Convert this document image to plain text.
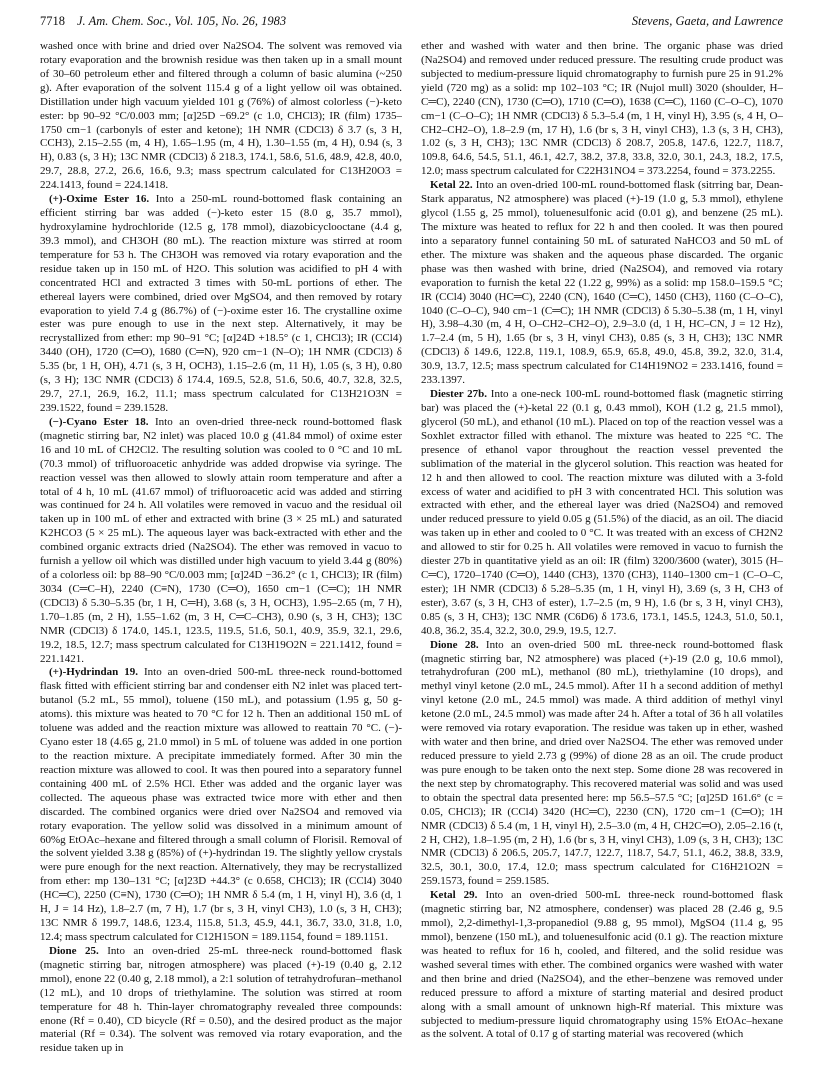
7718 J. Am. Chem. Soc., Vol. 105, No. 26, 1983	Stevens, Gaeta, and Lawrence

washed once with brine and dried over Na2SO4. The solvent was removed via rotary evaporation and the brownish residue was then taken up in a small mount of 30–60 petroleum ether and filtered through a column of basic alumina (~250 g). After evaporation of the solvent 115.4 g of a light yellow oil was obtained. Distillation under high vacuum yielded 101 g (76%) of almost colorless (−)-keto ester: bp 90–92 °C/0.003 mm; [α]25D −69.2° (c 1.0, CHCl3); IR (film) 1735–1750 cm−1 (carbonyls of ester and ketone); 1H NMR (CDCl3) δ 3.7 (s, 3 H, CCH3), 2.15–2.55 (m, 4 H), 1.65–1.95 (m, 4 H), 1.30–1.55 (m, 4 H), 0.94 (s, 3 H), 0.83 (s, 3 H); 13C NMR (CDCl3) δ 218.3, 174.1, 58.6, 51.6, 48.9, 42.8, 40.0, 29.7, 28.8, 27.2, 26.6, 16.6, 9.3; mass spectrum calculated for C13H20O3 = 224.1413, found = 224.1418.

(+)-Oxime Ester 16. Into a 250-mL round-bottomed flask containing an efficient stirring bar was added (−)-keto ester 15 (8.0 g, 35.7 mmol), hydroxylamine hydrochloride (12.5 g, 178 mmol), diazobicyclooctane (4.4 g, 39.3 mmol), and CH3OH (80 mL). The reaction mixture was stirred at room temperature for 53 h. The CH3OH was removed via rotary evaporation and the residue taken up in 150 mL of H2O. This solution was acidified to pH 4 with concentrated HCl and extracted 3 times with 50-mL portions of ether. The ethereal layers were combined, dried over MgSO4, and then removed by rotary evaporation to yield 7.4 g (86.7%) of (−)-oxime ester 16. The crystalline oxime ester was pure enough to use in the next step. Alternatively, it may be recrystallized from ether: mp 90–91 °C; [α]24D +18.5° (c 1, CHCl3); IR (CCl4) 3440 (OH), 1720 (C═O), 1680 (C═N), 920 cm−1 (N–O); 1H NMR (CDCl3) δ 5.35 (br, 1 H, OH), 4.71 (s, 3 H, OCH3), 1.15–2.6 (m, 11 H), 1.05 (s, 3 H), 0.80 (s, 3 H); 13C NMR (CDCl3) δ 174.4, 169.5, 52.8, 51.6, 50.6, 40.7, 32.8, 32.5, 29.7, 27.1, 26.9, 16.2, 11.1; mass spectrum calculated for C13H21O3N = 239.1522, found = 239.1528.

(−)-Cyano Ester 18. Into an oven-dried three-neck round-bottomed flask (magnetic stirring bar, N2 inlet) was placed 10.0 g (41.84 mmol) of oxime ester 16 and 10 mL of CH2Cl2. The resulting solution was cooled to 0 °C and 10 mL (70.3 mmol) of trifluoroacetic anhydride was added dropwise via syringe. The reaction vessel was then allowed to slowly attain room temperature and after a total of 4 h, 10 mL (41.67 mmol) of trifluoroacetic acid was added and stirring was continued for 24 h. All volatiles were removed in vacuo and the residual oil taken up in 100 mL of ether and extracted with brine (3 × 25 mL) and saturated K2HCO3 (5 × 25 mL). The aqueous layer was back-extracted with ether and the combined organic extracts dried (Na2SO4). The ether was removed in vacuo to furnish a yellow oil which was distilled under high vacuum to yield 3.44 g (80%) of a colorless oil: bp 88–90 °C/0.003 mm; [α]24D −36.2° (c 1, CHCl3); IR (film) 3034 (C═C–H), 2240 (C≡N), 1730 (C═O), 1650 cm−1 (C═C); 1H NMR (CDCl3) δ 5.30–5.35 (br, 1 H, C═H), 3.68 (s, 3 H, OCH3), 1.95–2.65 (m, 7 H), 1.70–1.85 (m, 2 H), 1.55–1.62 (m, 3 H, C═C–CH3), 0.90 (s, 3 H, CH3); 13C NMR (CDCl3) δ 174.0, 145.1, 123.5, 119.5, 51.6, 50.1, 40.9, 35.9, 32.1, 29.6, 19.2, 18.5, 12.7; mass spectrum calculated for C13H19O2N = 221.1412, found = 221.1421.

(+)-Hydrindan 19. Into an oven-dried 500-mL three-neck round-bottomed flask fitted with efficient stirring bar and condenser eith N2 inlet was placed tert-butanol (5.2 mL, 55 mmol), toluene (150 mL), and potassium (1.95 g, 50 g-atoms). this mixture was heated to 70 °C for 12 h. Then an additional 150 mL of toluene was added and the reaction mixture was allowed to reattain 70 °C. (−)-Cyano ester 18 (4.65 g, 21.0 mmol) in 5 mL of toluene was added in one portion to the reaction mixture. A precipitate immediately formed. After 30 min the reaction mixture was allowed to cool. It was then poured into a separatory funnel containing 400 mL of 2.5% HCl. Ether was added and the organic layer was collected. The aqueous phase was extracted twice more with ether and then discarded. The combined organics were dried over Na2SO4 and removed via rotary evaporation. The yellow solid was dissolved in a minimum amount of 60%g EtOAc–hexane and filtered through a small column of Florisil. Removal of the solvent yielded 3.38 g (85%) of (+)-hydrindan 19. The slightly yellow crystals were pure enough for the next reaction. Alternatively, they may be recrystallized from ether: mp 130–131 °C; [α]23D +44.3° (c 0.658, CHCl3); IR (CCl4) 3040 (HC═C), 2250 (C≡N), 1730 (C═O); 1H NMR δ 5.4 (m, 1 H, vinyl H), 3.6 (d, 1 H, J = 14 Hz), 1.8–2.7 (m, 7 H), 1.7 (br s, 3 H, vinyl CH3), 1.0 (s, 3 H, CH3); 13C NMR δ 199.7, 148.6, 123.4, 115.8, 51.3, 45.9, 44.1, 36.7, 33.0, 31.8, 1.0, 12.4; mass spectrum calculated for C12H15ON = 189.1154, found = 189.1151.

Dione 25. Into an oven-dried 25-mL three-neck round-bottomed flask (magnetic stirring bar, nitrogen atmosphere) was placed (+)-19 (0.40 g, 2.12 mmol), enone 22 (0.40 g, 2.18 mmol), a 2:1 solution of tetrahydrofuran–methanol (12 mL), and 10 drops of triethylamine. The solution was stirred at room temperature for 48 h. Thin-layer chromatography revealed three compounds: enone (Rf = 0.40), CD bicycle (Rf = 0.50), and the desired product as the major material (Rf = 0.34). The solvent was removed via rotary evaporation, and the residue taken up in

ether and washed with water and then brine. The organic phase was dried (Na2SO4) and removed under reduced pressure. The resulting crude product was subjected to medium-pressure liquid chromatography to furnish pure 25 in 91.2% yield (720 mg) as a solid: mp 102–103 °C; IR (Nujol mull) 3020 (shoulder, H–C═C), 2240 (CN), 1730 (C═O), 1710 (C═O), 1638 (C═C), 1160 (C–O–C), 1070 cm−1 (C–O–C); 1H NMR (CDCl3) δ 5.3–5.4 (m, 1 H, vinyl H), 3.95 (s, 4 H, O–CH2–CH2–O), 1.8–2.9 (m, 17 H), 1.6 (br s, 3 H, vinyl CH3), 1.3 (s, 3 H, CH3), 1.02 (s, 3 H, CH3); 13C NMR (CDCl3) δ 208.7, 205.8, 147.6, 122.7, 118.7, 109.8, 64.6, 54.5, 51.1, 46.1, 42.7, 38.2, 37.8, 33.8, 32.0, 30.1, 24.3, 18.2, 17.5, 12.0; mass spectrum calculated for C22H31NO4 = 373.2254, found = 373.2255.

Ketal 22. Into an oven-dried 100-mL round-bottomed flask (sitrring bar, Dean-Stark apparatus, N2 atmosphere) was placed (+)-19 (1.0 g, 5.3 mmol), ethylene glycol (1.55 g, 25 mmol), toluenesulfonic acid (0.01 g), and benzene (25 mL). The mixture was heated to reflux for 22 h and then cooled. It was then poured into a separatory funnel containing 50 mL of saturated NaHCO3 and 50 mL of ether. The mixture was shaken and the aqueous phase discarded. The organic phase was then washed with brine, dried (Na2SO4), and removed via rotary evaporation to furnish the ketal 22 (1.22 g, 99%) as a solid: mp 158.0–159.5 °C; IR (CCl4) 3040 (HC═C), 2240 (CN), 1640 (C═C), 1450 (CH3), 1160 (C–O–C), 1040 (C–O–C), 940 cm−1 (C═C); 1H NMR (CDCl3) δ 5.30–5.38 (m, 1 H, vinyl H), 3.98–4.30 (m, 4 H, O–CH2–CH2–O), 2.9–3.0 (d, 1 H, HC–CN, J = 12 Hz), 1.7–2.4 (m, 5 H), 1.65 (br s, 3 H, vinyl CH3), 0.85 (s, 3 H, CH3); 13C NMR (CDCl3) δ 149.6, 122.8, 119.1, 108.9, 65.9, 65.8, 49.0, 45.8, 39.2, 32.0, 31.4, 30.9, 13.7, 12.5; mass spectrum calculated for C14H19NO2 = 233.1416, found = 233.1397.

Diester 27b. Into a one-neck 100-mL round-bottomed flask (magnetic stirring bar) was placed the (+)-ketal 22 (0.1 g, 0.43 mmol), KOH (1.2 g, 21.5 mmol), glycerol (50 mL), and ethanol (10 mL). Placed on top of the reaction vessel was a Soxhlet extractor filled with ethanol. The mixture was heated to 225 °C. The presence of ethanol vapor throughout the reaction vessel prevented the sublimation of the material in the glycerol solution. This reaction was heated for 12 h and then allowed to cool. The reaction mixture was diluted with a 3-fold excess of water and acidified to pH 3 with concentrated HCl. This solution was extracted with ether, and the ethereal layer was dried (Na2SO4) and removed under reduced pressure to yield 0.05 g (51.5%) of the diacid, as an oil. The diacid was taken up in ether and cooled to 0 °C. It was treated with an excess of CH2N2 and allowed to stir for 0.25 h. All volatiles were removed in vacuo to furnish the diester 27b in quantitative yield as an oil: IR (film) 3200/3600 (water), 3015 (H–C═C), 1720–1740 (C═O), 1440 (CH3), 1370 (CH3), 1140–1300 cm−1 (C–O–C, ester); 1H NMR (CDCl3) δ 5.28–5.35 (m, 1 H, vinyl H), 3.69 (s, 3 H, CH3 of ester), 3.67 (s, 3 H, CH3 of ester), 1.7–2.5 (m, 9 H), 1.6 (br s, 3 H, vinyl CH3), 0.85 (s, 3 H, CH3); 13C NMR (C6D6) δ 173.6, 173.1, 145.5, 124.3, 51.0, 50.1, 40.8, 36.2, 35.4, 32.2, 30.0, 29.9, 19.5, 12.7.

Dione 28. Into an oven-dried 500 mL three-neck round-bottomed flask (magnetic stirring bar, N2 atmosphere) was placed (+)-19 (2.0 g, 10.6 mmol), tetrahydrofuran (200 mL), methanol (80 mL), triethylamine (10 drops), and methyl vinyl ketone (2.0 mL, 24.5 mmol). After 1I h a second addition of methyl vinyl ketone (2.0 mL, 24.5 mmol) was made. A third addition of methyl vinyl ketone (2.0 mL, 24.5 mmol) was made after 24 h. After a total of 36 h all volatiles were removed via rotary evaporation. The residue was taken up in ether, washed with water and then brine, and dried over Na2SO4. The ether was removed under reduced pressure to yield 2.73 g (99%) of dione 28 as an oil. The crude product was pure enough to be taken onto the next step. Some dione 28 was recovered in the next step by chromatography. This recovered material was solid and was used to obtain the spectral data presented here: mp 56.5–57.5 °C; [α]25D 161.6° (c = 0.05, CHCl3); IR (CCl4) 3420 (HC═C), 2230 (CN), 1720 cm−1 (C═O); 1H NMR (CDCl3) δ 5.4 (m, 1 H, vinyl H), 2.5–3.0 (m, 4 H, CH2C═O), 2.05–2.16 (t, 2 H, CH2), 1.8–1.95 (m, 2 H), 1.6 (br s, 3 H, vinyl CH3), 1.09 (s, 3 H, CH3); 13C NMR (CDCl3) δ 206.5, 205.7, 147.7, 122.7, 118.7, 54.7, 51.1, 46.2, 38.8, 33.9, 32.5, 30.1, 30.0, 17.4, 12.0; mass spectrum calculated for C16H21O2N = 259.1573, found = 259.1585.

Ketal 29. Into an oven-dried 500-mL three-neck round-bottomed flask (magnetic stirring bar, N2 atmosphere, condenser) was placed 28 (2.46 g, 9.5 mmol), 2,2-dimethyl-1,3-propanediol (9.88 g, 95 mmol), MgSO4 (11.4 g, 95 mmol), benzene (150 mL), and toluenesulfonic acid (0.1 g). The reaction mixture was heated to reflux for 16 h, cooled, and filtered, and the solid residue was washed several times with ether. The combined organics were washed with water and then brine and dried (Na2SO4), and the ether–benzene was removed under reduced pressure to afford a mixture of starting material and desired product along with a small amount of unknown high-Rf material. This mixture was subjected to medium-pressure liquid chromatography using 15% EtOAc–hexane as the solvent. A total of 0.17 g of starting material was recovered (which
